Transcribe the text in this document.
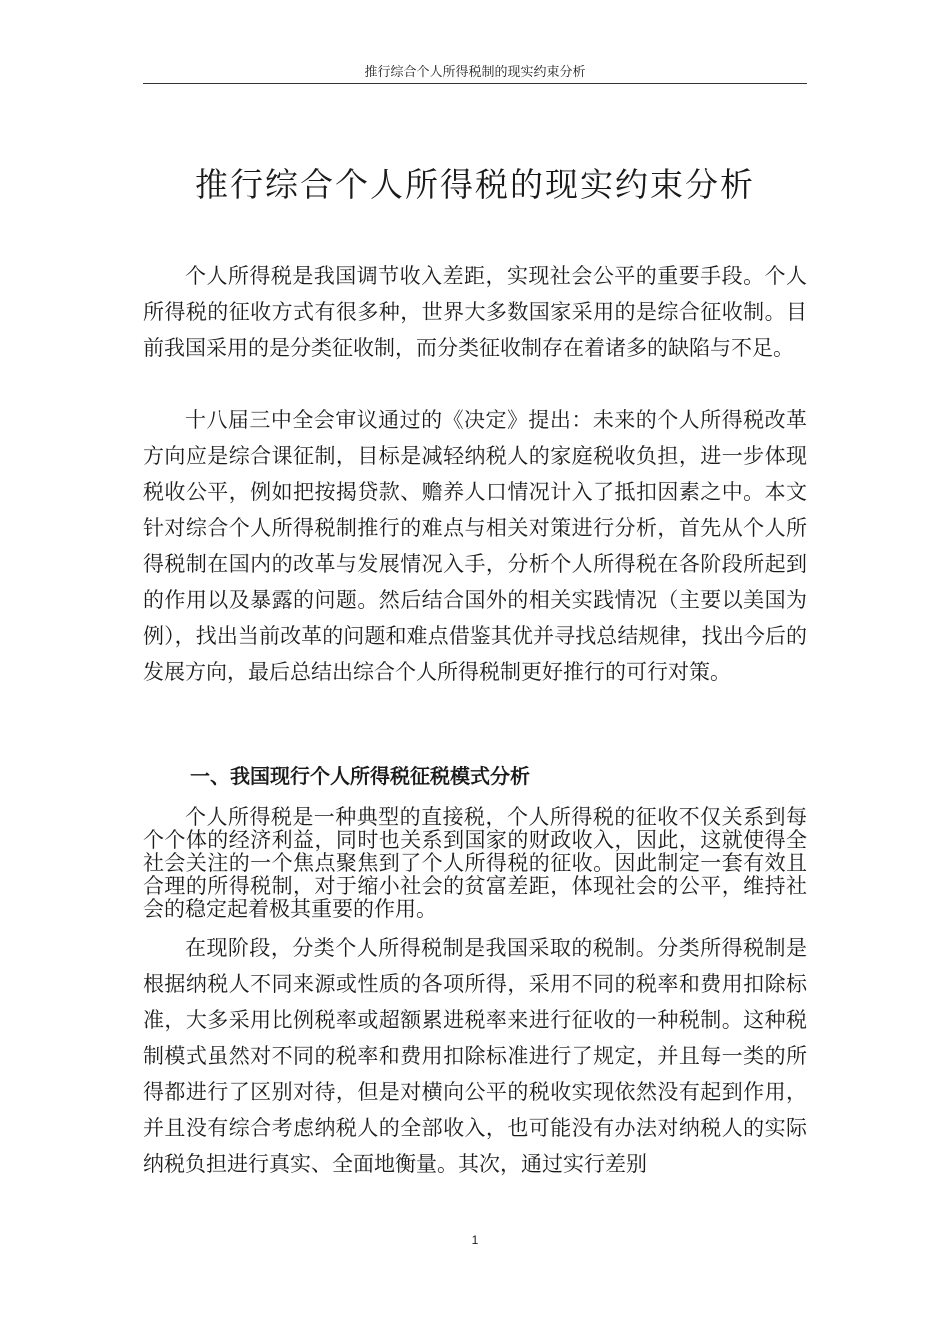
推行综合个人所得税制的现实约束分析
推行综合个人所得税的现实约束分析

个人所得税是我国调节收入差距，实现社会公平的重要手段。个人所得税的征收方式有很多种，世界大多数国家采用的是综合征收制。目前我国采用的是分类征收制，而分类征收制存在着诸多的缺陷与不足。

十八届三中全会审议通过的《决定》提出：未来的个人所得税改革方向应是综合课征制，目标是减轻纳税人的家庭税收负担，进一步体现税收公平，例如把按揭贷款、赡养人口情况计入了抵扣因素之中。本文针对综合个人所得税制推行的难点与相关对策进行分析，首先从个人所得税制在国内的改革与发展情况入手，分析个人所得税在各阶段所起到的作用以及暴露的问题。然后结合国外的相关实践情况（主要以美国为例），找出当前改革的问题和难点借鉴其优并寻找总结规律，找出今后的发展方向，最后总结出综合个人所得税制更好推行的可行对策。

一、我国现行个人所得税征税模式分析

个人所得税是一种典型的直接税，个人所得税的征收不仅关系到每个个体的经济利益，同时也关系到国家的财政收入，因此，这就使得全社会关注的一个焦点聚焦到了个人所得税的征收。因此制定一套有效且合理的所得税制，对于缩小社会的贫富差距，体现社会的公平，维持社会的稳定起着极其重要的作用。

在现阶段，分类个人所得税制是我国采取的税制。分类所得税制是根据纳税人不同来源或性质的各项所得，采用不同的税率和费用扣除标准，大多采用比例税率或超额累进税率来进行征收的一种税制。这种税制模式虽然对不同的税率和费用扣除标准进行了规定，并且每一类的所得都进行了区别对待，但是对横向公平的税收实现依然没有起到作用，并且没有综合考虑纳税人的全部收入，也可能没有办法对纳税人的实际纳税负担进行真实、全面地衡量。其次，通过实行差别

1
